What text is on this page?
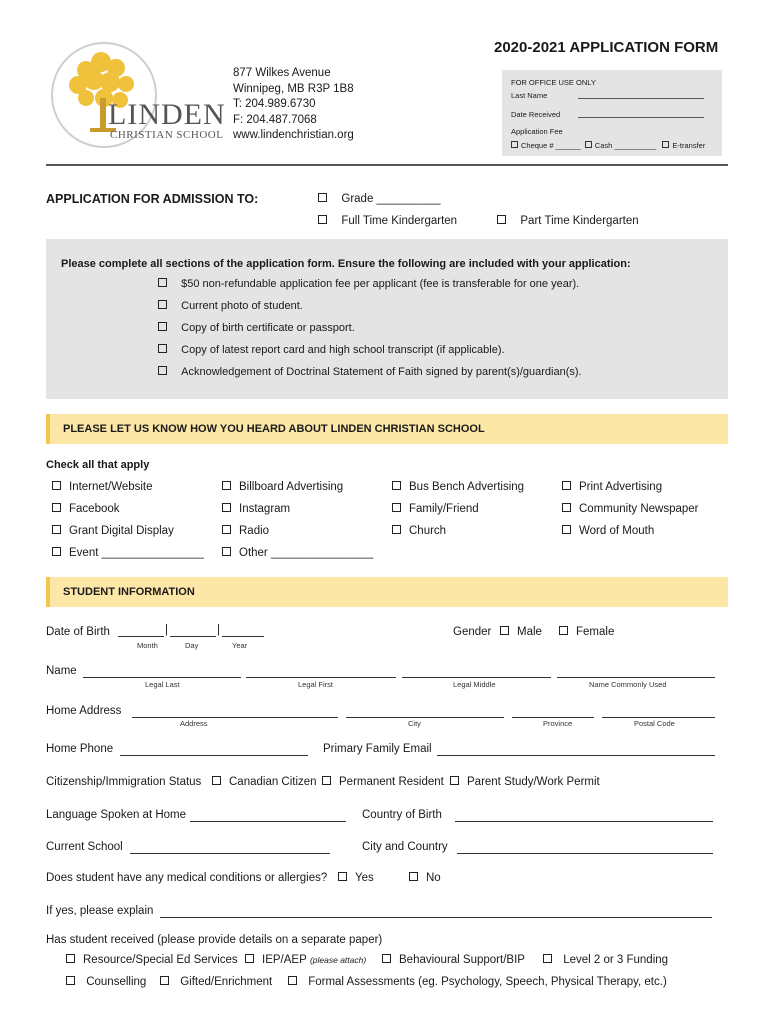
LINDEN
CHRISTIAN SCHOOL
877 Wilkes Avenue
Winnipeg, MB R3P 1B8
T: 204.989.6730
F: 204.487.7068
www.lindenchristian.org
2020-2021 APPLICATION FORM
FOR OFFICE USE ONLY
Last Name
Date Received
Application Fee
Cheque # ______ Cash __________ E-transfer
APPLICATION FOR ADMISSION TO:	Grade __________
Full Time Kindergarten	Part Time Kindergarten
Please complete all sections of the application form. Ensure the following are included with your application:
$50 non-refundable application fee per applicant (fee is transferable for one year).
Current photo of student.
Copy of birth certificate or passport.
Copy of latest report card and high school transcript (if applicable).
Acknowledgement of Doctrinal Statement of Faith signed by parent(s)/guardian(s).
PLEASE LET US KNOW HOW YOU HEARD ABOUT LINDEN CHRISTIAN SCHOOL
Check all that apply
Internet/Website	Billboard Advertising	Bus Bench Advertising	Print Advertising
Facebook	Instagram	Family/Friend	Community Newspaper
Grant Digital Display	Radio	Church	Word of Mouth
Event ________________	Other ________________
STUDENT INFORMATION
Date of Birth	|	|
Month	Day	Year
Gender	Male	Female
Name
Legal Last	Legal First	Legal Middle	Name Commonly Used
Home Address
Address	City	Province	Postal Code
Home Phone	Primary Family Email
Citizenship/Immigration Status	Canadian Citizen	Permanent Resident	Parent Study/Work Permit
Language Spoken at Home	Country of Birth
Current School	City and Country
Does student have any medical conditions or allergies?	Yes	No
If yes, please explain
Has student received (please provide details on a separate paper)
Resource/Special Ed Services	IEP/AEP (please attach)	Behavioural Support/BIP	Level 2 or 3 Funding
Counselling	Gifted/Enrichment	Formal Assessments (eg. Psychology, Speech, Physical Therapy, etc.)
